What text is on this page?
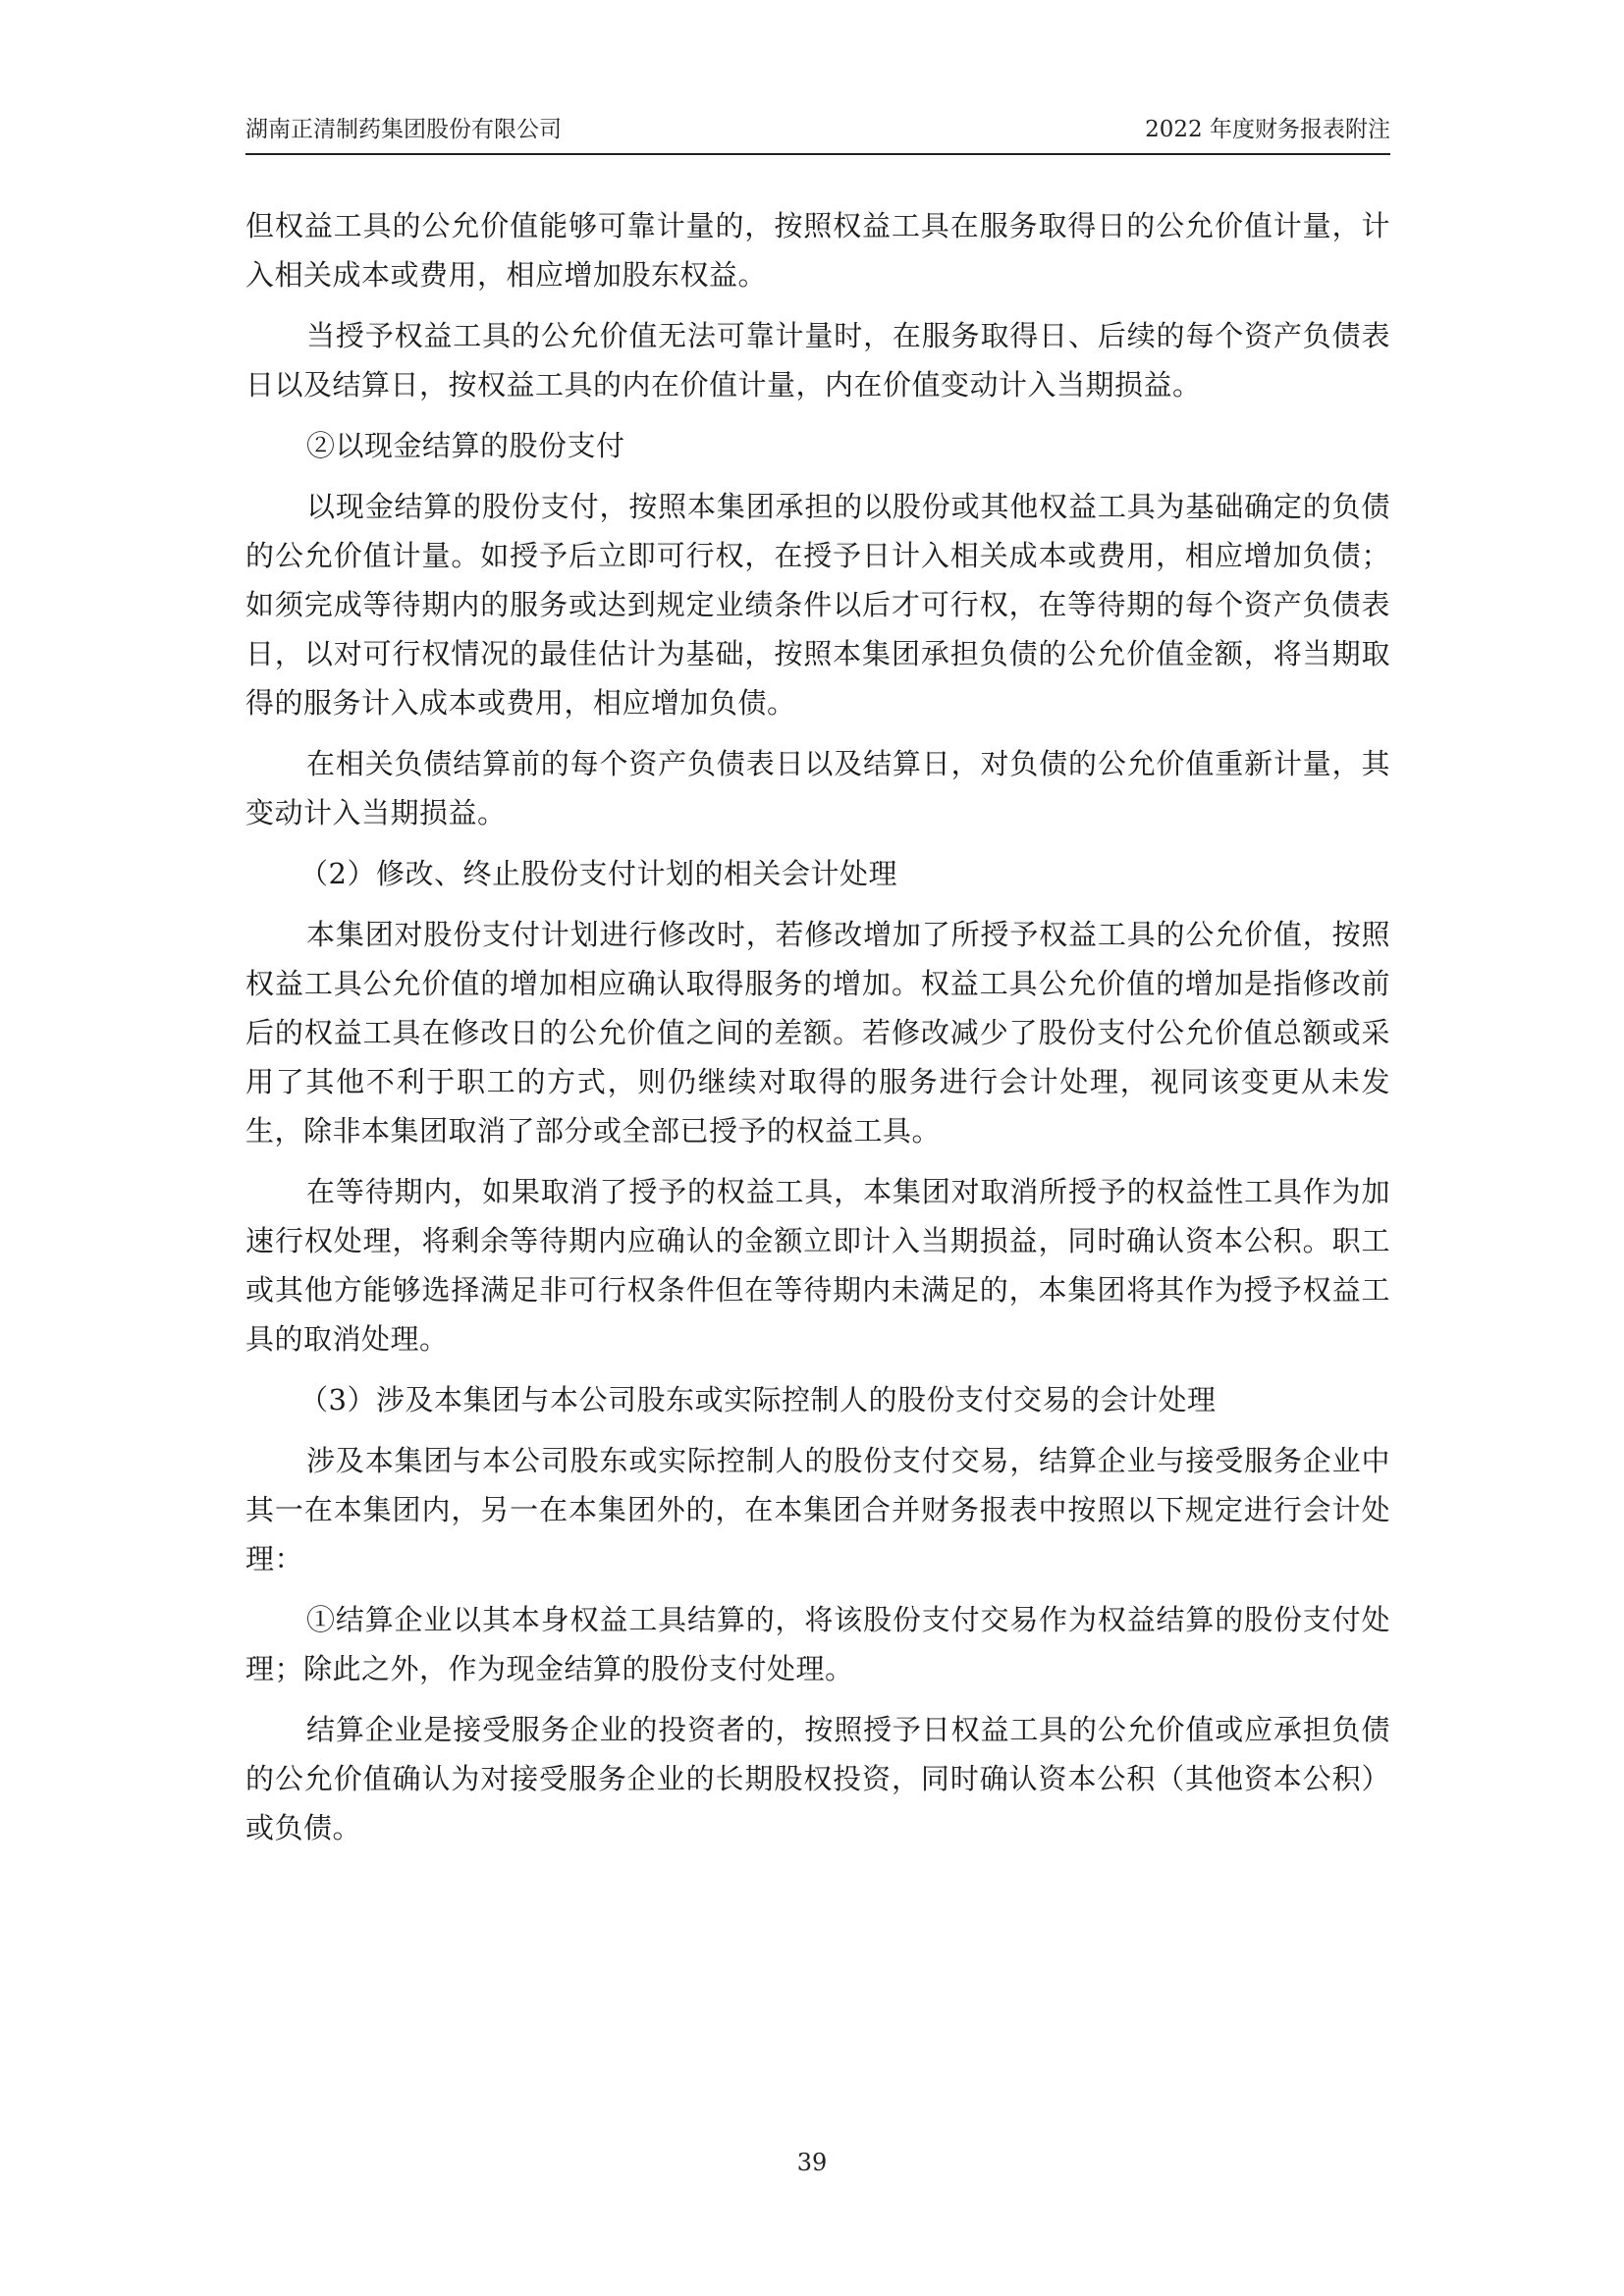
湖南正清制药集团股份有限公司	2022 年度财务报表附注

但权益工具的公允价值能够可靠计量的，按照权益工具在服务取得日的公允价值计量，计入相关成本或费用，相应增加股东权益。

当授予权益工具的公允价值无法可靠计量时，在服务取得日、后续的每个资产负债表日以及结算日，按权益工具的内在价值计量，内在价值变动计入当期损益。

②以现金结算的股份支付

以现金结算的股份支付，按照本集团承担的以股份或其他权益工具为基础确定的负债的公允价值计量。如授予后立即可行权，在授予日计入相关成本或费用，相应增加负债；如须完成等待期内的服务或达到规定业绩条件以后才可行权，在等待期的每个资产负债表日，以对可行权情况的最佳估计为基础，按照本集团承担负债的公允价值金额，将当期取得的服务计入成本或费用，相应增加负债。

在相关负债结算前的每个资产负债表日以及结算日，对负债的公允价值重新计量，其变动计入当期损益。

（2）修改、终止股份支付计划的相关会计处理

本集团对股份支付计划进行修改时，若修改增加了所授予权益工具的公允价值，按照权益工具公允价值的增加相应确认取得服务的增加。权益工具公允价值的增加是指修改前后的权益工具在修改日的公允价值之间的差额。若修改减少了股份支付公允价值总额或采用了其他不利于职工的方式，则仍继续对取得的服务进行会计处理，视同该变更从未发生，除非本集团取消了部分或全部已授予的权益工具。

在等待期内，如果取消了授予的权益工具，本集团对取消所授予的权益性工具作为加速行权处理，将剩余等待期内应确认的金额立即计入当期损益，同时确认资本公积。职工或其他方能够选择满足非可行权条件但在等待期内未满足的，本集团将其作为授予权益工具的取消处理。

（3）涉及本集团与本公司股东或实际控制人的股份支付交易的会计处理

涉及本集团与本公司股东或实际控制人的股份支付交易，结算企业与接受服务企业中其一在本集团内，另一在本集团外的，在本集团合并财务报表中按照以下规定进行会计处理：

①结算企业以其本身权益工具结算的，将该股份支付交易作为权益结算的股份支付处理；除此之外，作为现金结算的股份支付处理。

结算企业是接受服务企业的投资者的，按照授予日权益工具的公允价值或应承担负债的公允价值确认为对接受服务企业的长期股权投资，同时确认资本公积（其他资本公积）或负债。

39
